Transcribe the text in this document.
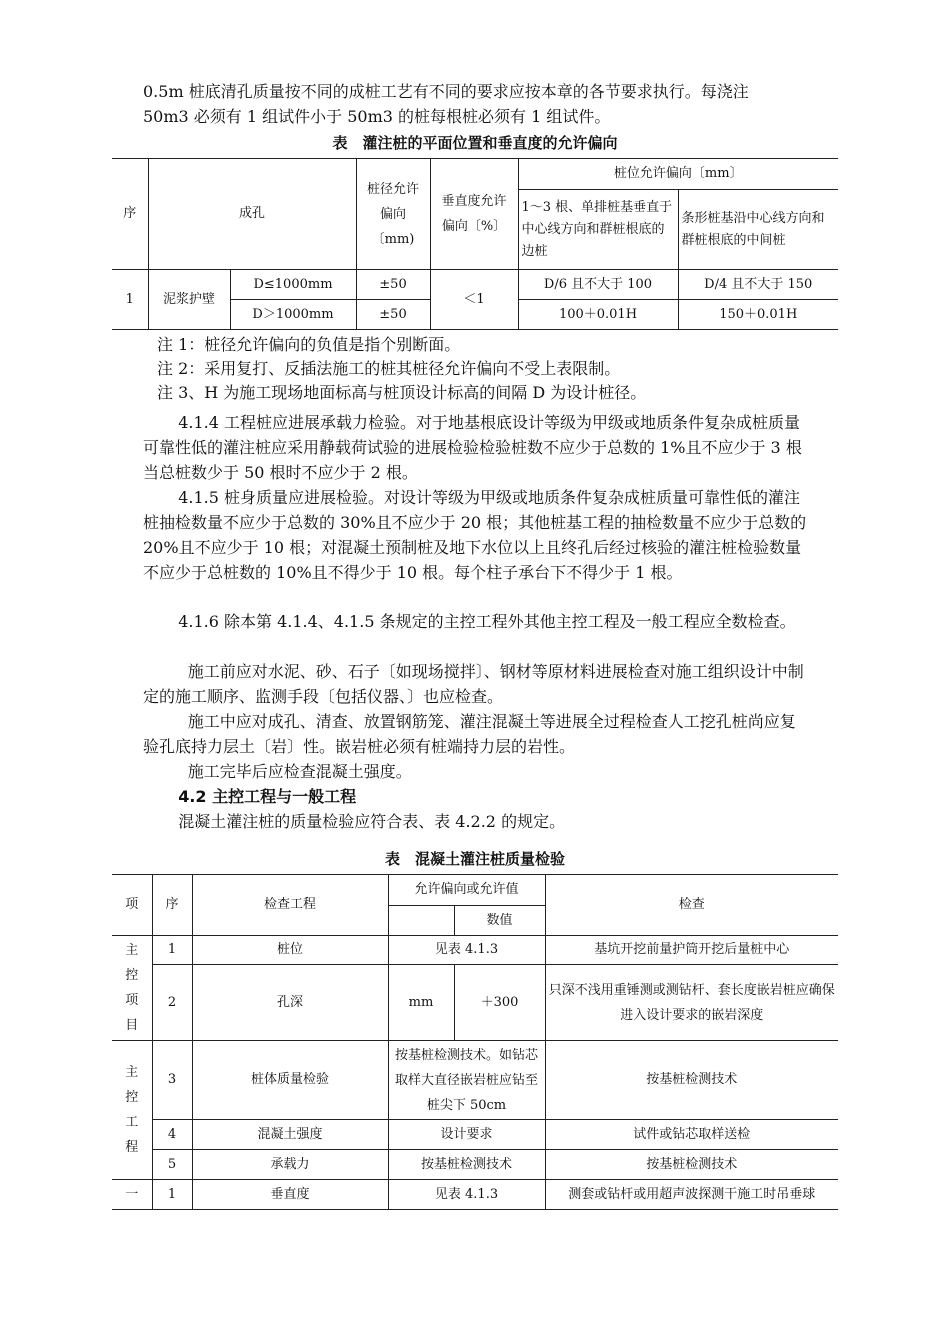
0.5m 桩底清孔质量按不同的成桩工艺有不同的要求应按本章的各节要求执行。每浇注

50m3 必须有 1 组试件小于 50m3 的桩每根桩必须有 1 组试件。

表　灌注桩的平面位置和垂直度的允许偏向
序	成孔		桩径允许偏向〔mm)	垂直度允许偏向〔%〕	桩位允许偏向〔mm〕	
					1～3 根、单排桩基垂直于中心线方向和群桩根底的边桩	条形桩基沿中心线方向和群桩根底的中间桩
1	泥浆护壁	D≤1000mm	±50	＜1	D/6 且不大于 100	D/4 且不大于 150
		D＞1000mm	±50		100＋0.01H	150＋0.01H
注 1：桩径允许偏向的负值是指个别断面。
注 2：采用复打、反插法施工的桩其桩径允许偏向不受上表限制。
注 3、H 为施工现场地面标高与桩顶设计标高的间隔 D 为设计桩径。

4.1.4 工程桩应进展承载力检验。对于地基根底设计等级为甲级或地质条件复杂成桩质量可靠性低的灌注桩应采用静载荷试验的进展检验检验桩数不应少于总数的 1%且不应少于 3 根当总桩数少于 50 根时不应少于 2 根。

4.1.5 桩身质量应进展检验。对设计等级为甲级或地质条件复杂成桩质量可靠性低的灌注桩抽检数量不应少于总数的 30%且不应少于 20 根；其他桩基工程的抽检数量不应少于总数的 20%且不应少于 10 根；对混凝土预制桩及地下水位以上且终孔后经过核验的灌注桩检验数量不应少于总桩数的 10%且不得少于 10 根。每个柱子承台下不得少于 1 根。

4.1.6 除本第 4.1.4、4.1.5 条规定的主控工程外其他主控工程及一般工程应全数检查。

施工前应对水泥、砂、石子〔如现场搅拌〕、钢材等原材料进展检查对施工组织设计中制定的施工顺序、监测手段〔包括仪器、〕也应检查。

施工中应对成孔、清查、放置钢筋笼、灌注混凝土等进展全过程检查人工挖孔桩尚应复验孔底持力层土〔岩〕性。嵌岩桩必须有桩端持力层的岩性。

施工完毕后应检查混凝土强度。

4.2 主控工程与一般工程

混凝土灌注桩的质量检验应符合表、表 4.2.2 的规定。

表　混凝土灌注桩质量检验
项	序	检查工程	允许偏向或允许值		检查
				数值	

主控项目	1	桩位	见表 4.1.3		基坑开挖前量护筒开挖后量桩中心
	2	孔深	mm	＋300	只深不浅用重锤测或测钻杆、套长度嵌岩桩应确保进入设计要求的嵌岩深度

主控工程	3	桩体质量检验	按基桩检测技术。如钻芯取样大直径嵌岩桩应钻至桩尖下 50cm		按基桩检测技术
	4	混凝土强度	设计要求		试件或钻芯取样送检
	5	承载力	按基桩检测技术		按基桩检测技术
一	1	垂直度	见表 4.1.3		测套或钻杆或用超声波探测干施工时吊垂球
